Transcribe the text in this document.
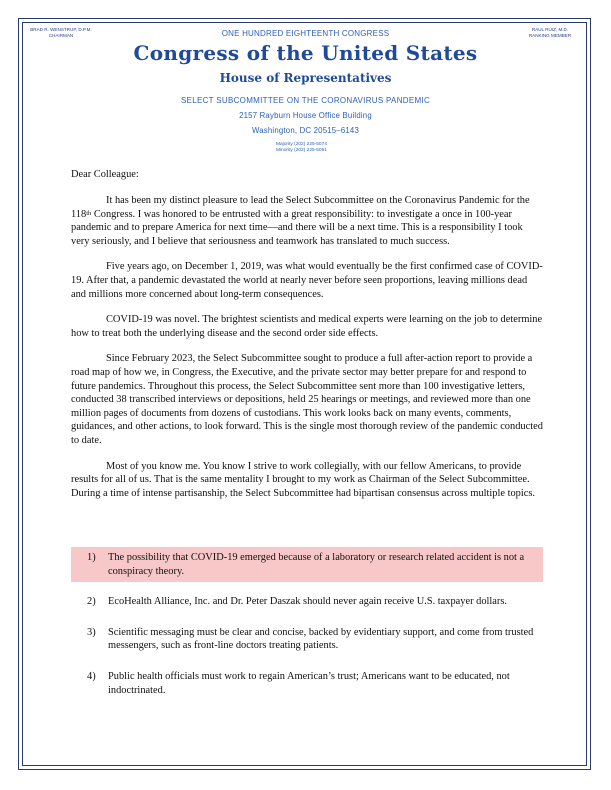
BRAD R. WENSTRUP, D.P.M.
CHAIRMAN
RAUL RUIZ, M.D.
RANKING MEMBER
ONE HUNDRED EIGHTEENTH CONGRESS
Congress of the United States
House of Representatives
SELECT SUBCOMMITTEE ON THE CORONAVIRUS PANDEMIC
2157 Rayburn House Office Building
Washington, DC 20515–6143
Majority (202) 225-5074
Minority (202) 225-5051

Dear Colleague:

It has been my distinct pleasure to lead the Select Subcommittee on the Coronavirus Pandemic for the 118th Congress. I was honored to be entrusted with a great responsibility: to investigate a once in 100-year pandemic and to prepare America for next time—and there will be a next time. This is a responsibility I took very seriously, and I believe that seriousness and teamwork has translated to much success.

Five years ago, on December 1, 2019, was what would eventually be the first confirmed case of COVID-19. After that, a pandemic devastated the world at nearly never before seen proportions, leaving millions dead and millions more concerned about long-term consequences.

COVID-19 was novel. The brightest scientists and medical experts were learning on the job to determine how to treat both the underlying disease and the second order side effects.

Since February 2023, the Select Subcommittee sought to produce a full after-action report to provide a road map of how we, in Congress, the Executive, and the private sector may better prepare for and respond to future pandemics. Throughout this process, the Select Subcommittee sent more than 100 investigative letters, conducted 38 transcribed interviews or depositions, held 25 hearings or meetings, and reviewed more than one million pages of documents from dozens of custodians. This work looks back on many events, comments, guidances, and other actions, to look forward. This is the single most thorough review of the pandemic conducted to date.

Most of you know me. You know I strive to work collegially, with our fellow Americans, to provide results for all of us. That is the same mentality I brought to my work as Chairman of the Select Subcommittee. During a time of intense partisanship, the Select Subcommittee had bipartisan consensus across multiple topics.

1) The possibility that COVID-19 emerged because of a laboratory or research related accident is not a conspiracy theory.
2) EcoHealth Alliance, Inc. and Dr. Peter Daszak should never again receive U.S. taxpayer dollars.
3) Scientific messaging must be clear and concise, backed by evidentiary support, and come from trusted messengers, such as front-line doctors treating patients.
4) Public health officials must work to regain American’s trust; Americans want to be educated, not indoctrinated.
